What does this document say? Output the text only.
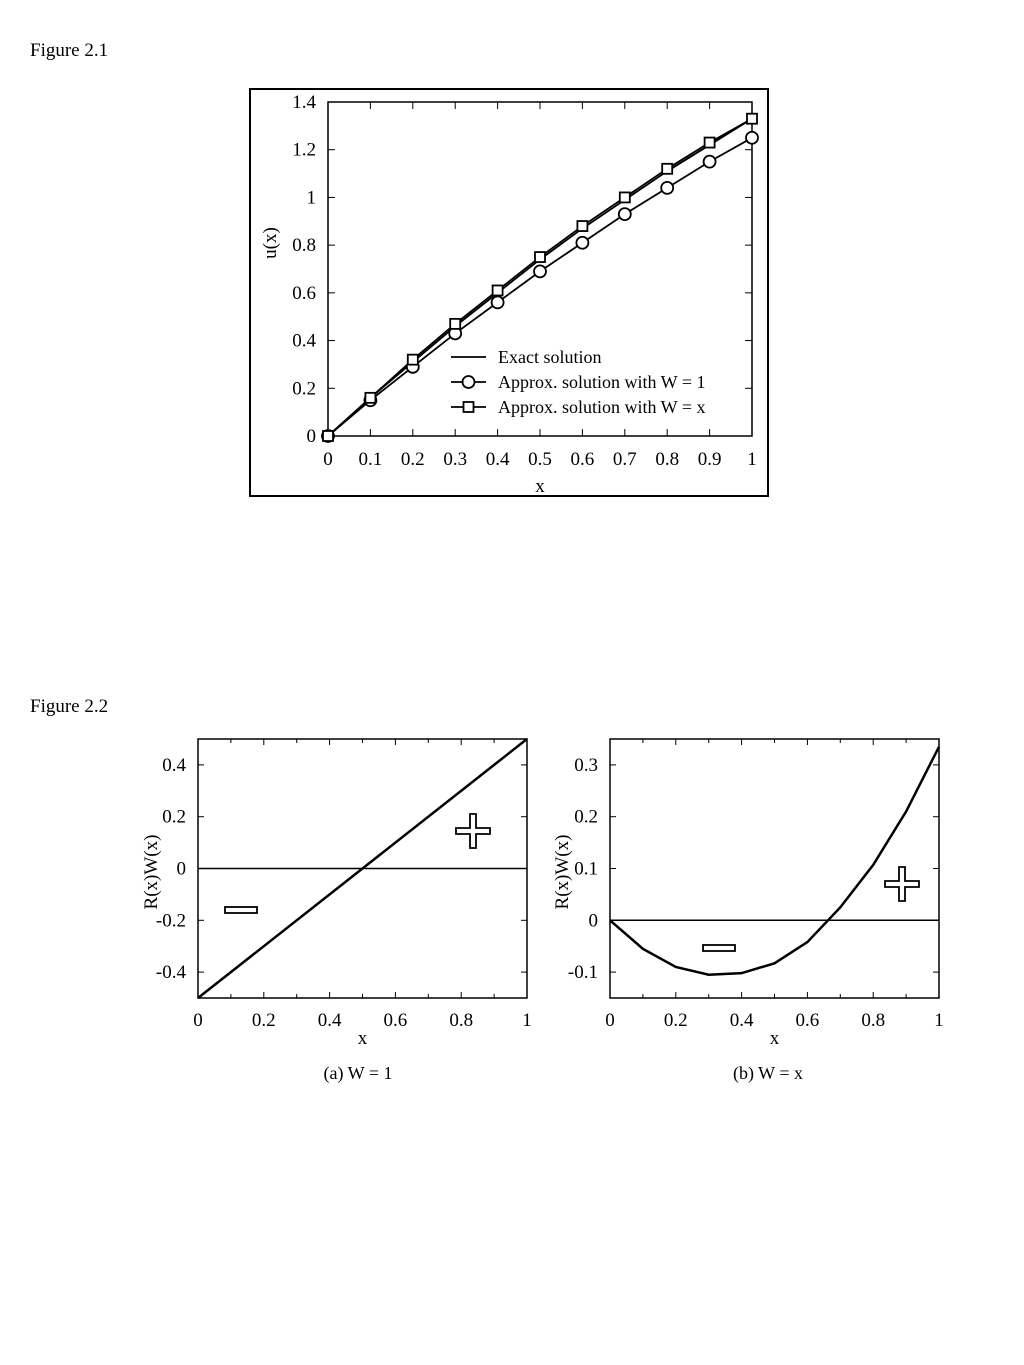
Figure 2.1
Figure 2.2
0 0.1 0.2 0.3 0.4 0.5 0.6 0.7 0.8 0.9 1
0
0.2
0.4
0.6
0.8
1
1.2
1.4
x
u(x)
Exact solution
Approx. solution with W = 1
Approx. solution with W = x
0	0.2 0.4 0.6 0.8	1
-0.4
-0.2
0
0.2
0.4
x
R(x)W(x)
0	0.2 0.4 0.6 0.8	1
-0.1
0
0.1
0.2
0.3
x
R(x)W(x)
(a) W = 1	(b) W = x
